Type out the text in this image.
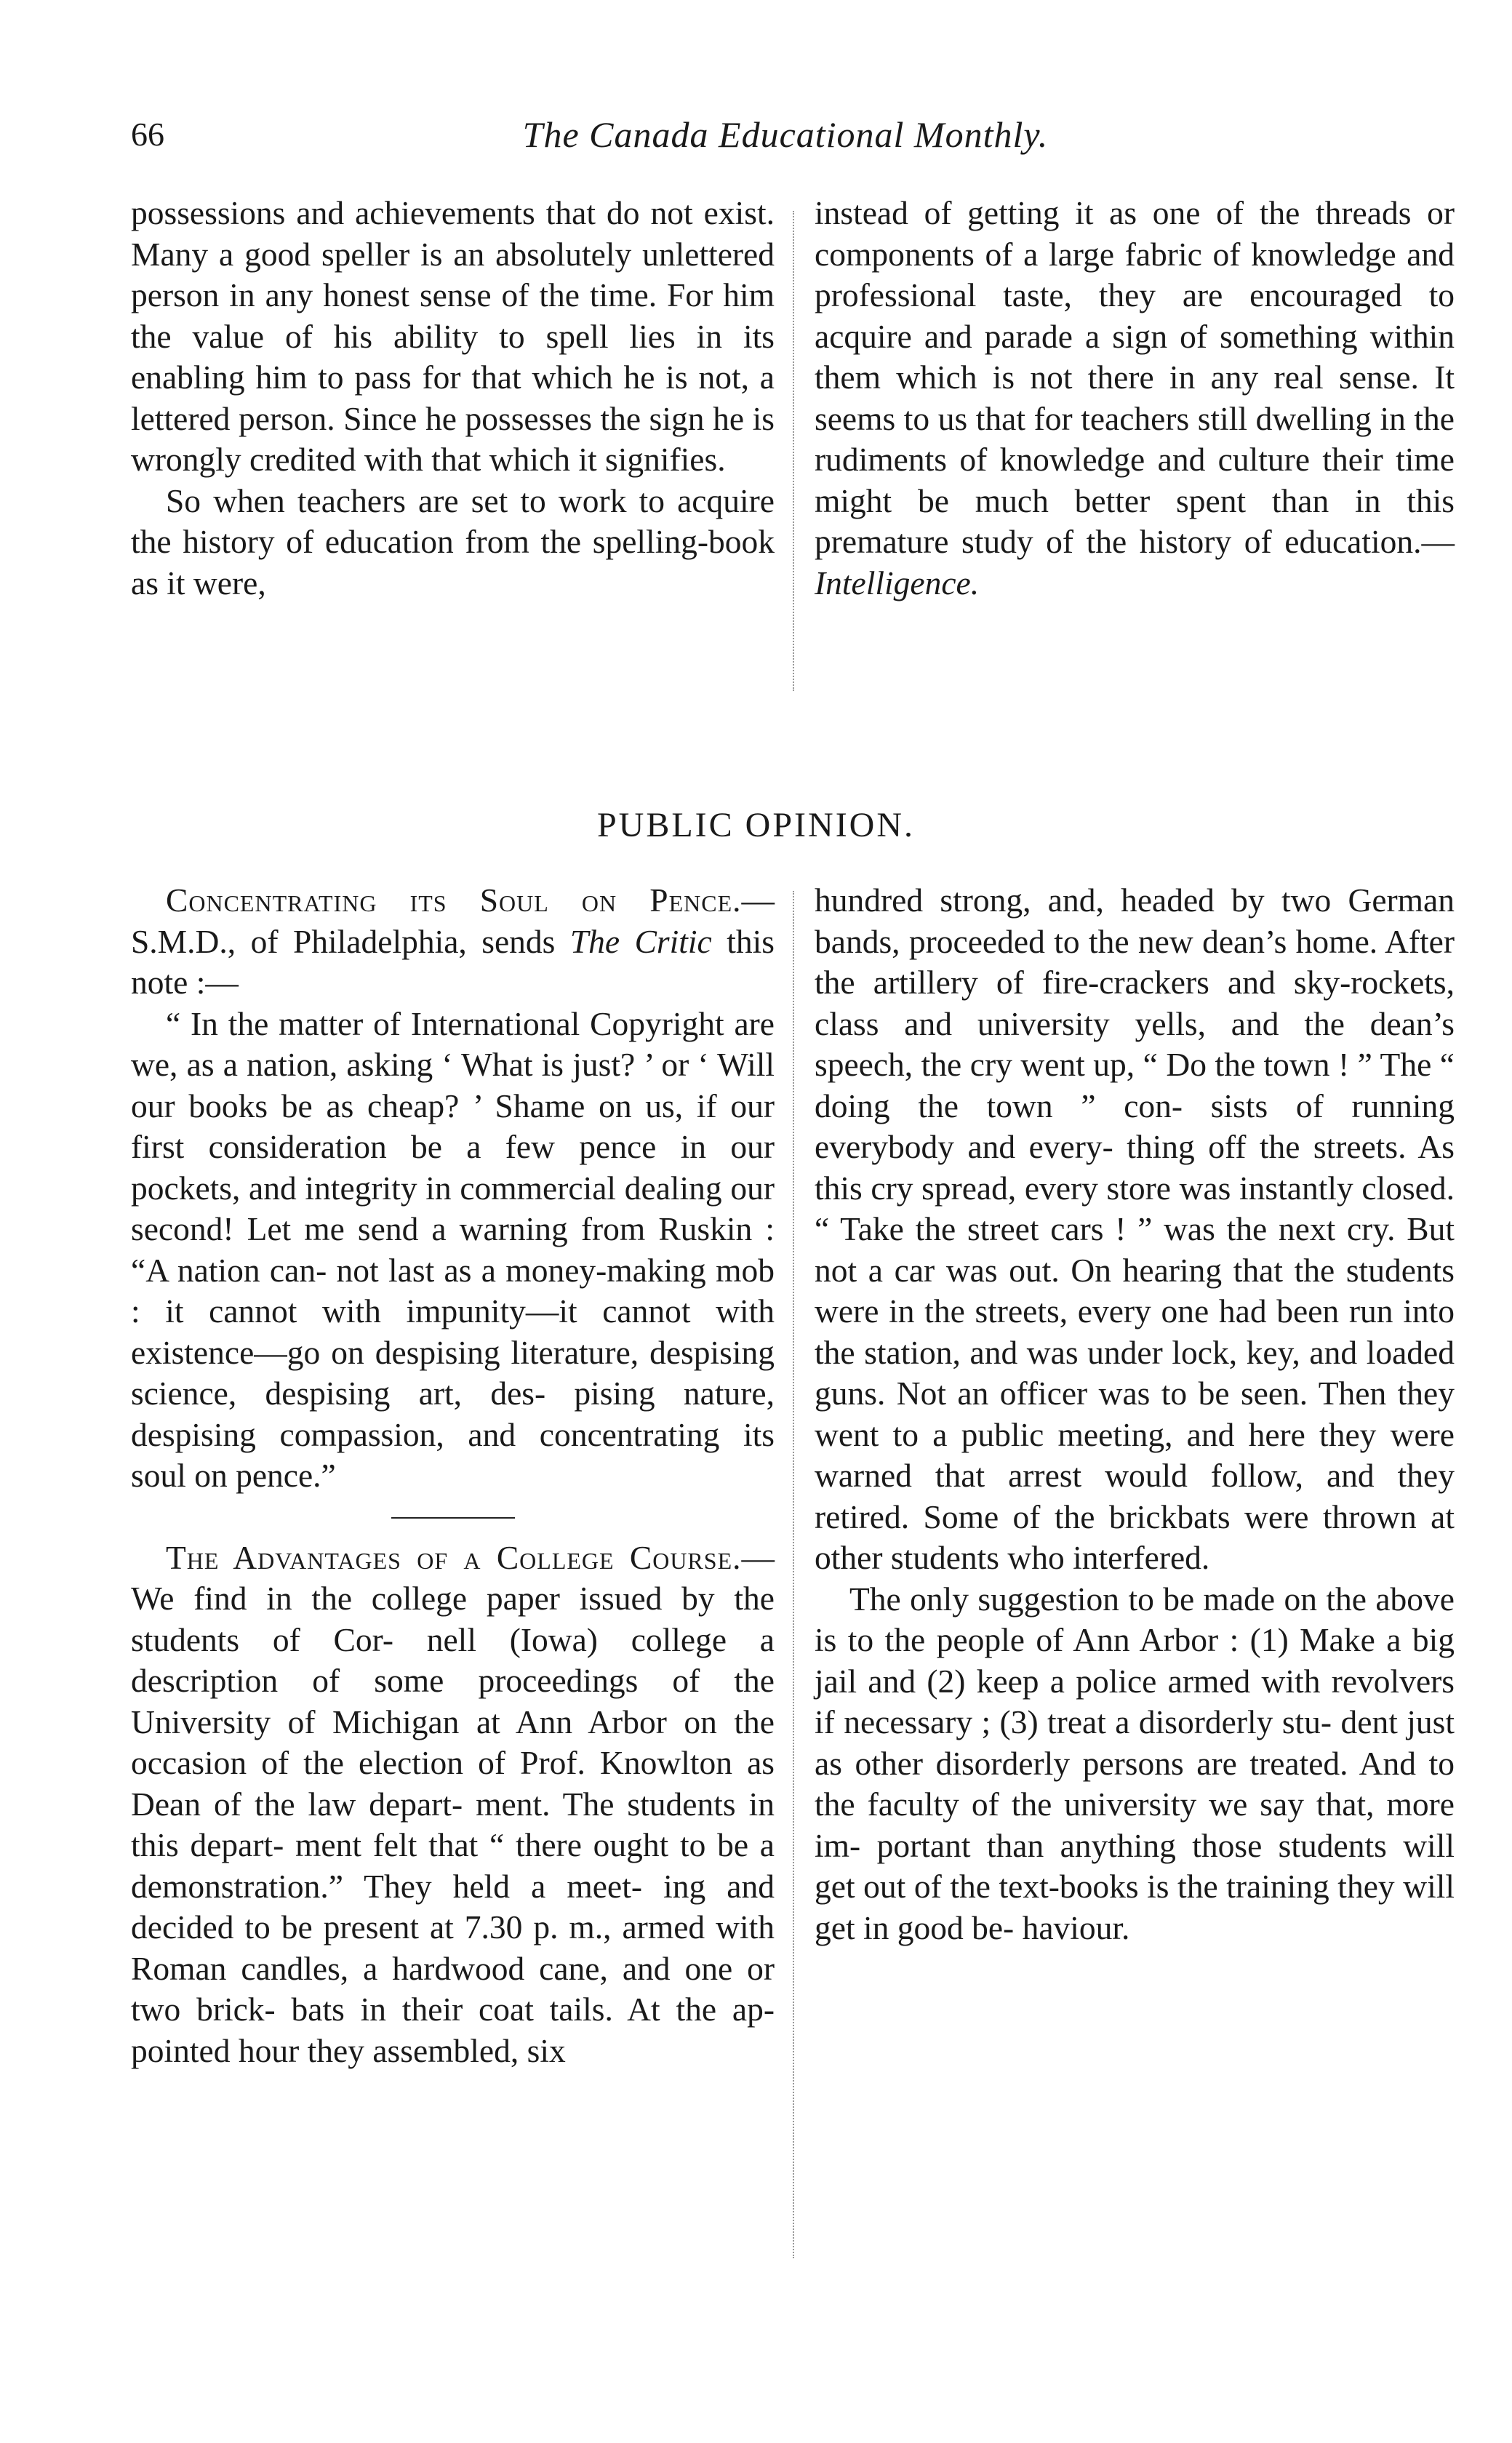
66	The Canada Educational Monthly.

possessions and achievements that do not exist. Many a good speller is an absolutely unlettered person in any honest sense of the time. For him the value of his ability to spell lies in its enabling him to pass for that which he is not, a lettered person. Since he possesses the sign he is wrongly credited with that which it signifies.

So when teachers are set to work to acquire the history of education from the spelling-book as it were,

instead of getting it as one of the threads or components of a large fabric of knowledge and professional taste, they are encouraged to acquire and parade a sign of something within them which is not there in any real sense. It seems to us that for teachers still dwelling in the rudiments of knowledge and culture their time might be much better spent than in this premature study of the history of education.—Intelligence.

PUBLIC OPINION.

Concentrating its Soul on Pence.—S.M.D., of Philadelphia, sends The Critic this note :—

“ In the matter of International Copyright are we, as a nation, asking ‘ What is just? ’ or ‘ Will our books be as cheap? ’ Shame on us, if our first consideration be a few pence in our pockets, and integrity in commercial dealing our second! Let me send a warning from Ruskin : “A nation can- not last as a money-making mob : it cannot with impunity—it cannot with existence—go on despising literature, despising science, despising art, des- pising nature, despising compassion, and concentrating its soul on pence.”

The Advantages of a College Course.—We find in the college paper issued by the students of Cor- nell (Iowa) college a description of some proceedings of the University of Michigan at Ann Arbor on the occasion of the election of Prof. Knowlton as Dean of the law depart- ment. The students in this depart- ment felt that “ there ought to be a demonstration.” They held a meet- ing and decided to be present at 7.30 p. m., armed with Roman candles, a hardwood cane, and one or two brick- bats in their coat tails. At the ap- pointed hour they assembled, six

hundred strong, and, headed by two German bands, proceeded to the new dean’s home. After the artillery of fire-crackers and sky-rockets, class and university yells, and the dean’s speech, the cry went up, “ Do the town ! ” The “ doing the town ” con- sists of running everybody and every- thing off the streets. As this cry spread, every store was instantly closed. “ Take the street cars ! ” was the next cry. But not a car was out. On hearing that the students were in the streets, every one had been run into the station, and was under lock, key, and loaded guns. Not an officer was to be seen. Then they went to a public meeting, and here they were warned that arrest would follow, and they retired. Some of the brickbats were thrown at other students who interfered.

The only suggestion to be made on the above is to the people of Ann Arbor : (1) Make a big jail and (2) keep a police armed with revolvers if necessary ; (3) treat a disorderly stu- dent just as other disorderly persons are treated. And to the faculty of the university we say that, more im- portant than anything those students will get out of the text-books is the training they will get in good be- haviour.
